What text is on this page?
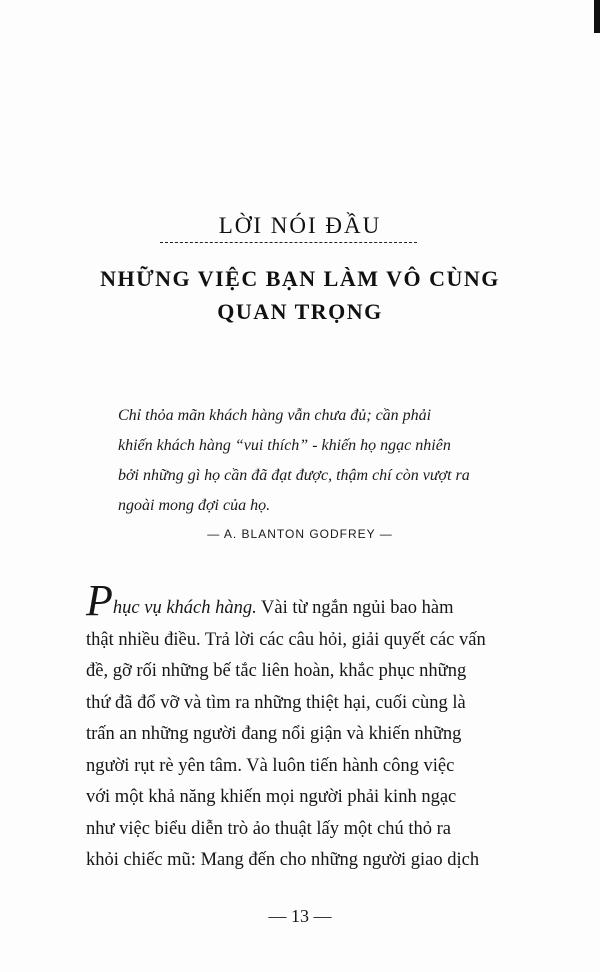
LỜI NÓI ĐẦU
NHỮNG VIỆC BẠN LÀM VÔ CÙNG
QUAN TRỌNG

Chỉ thỏa mãn khách hàng vẫn chưa đủ; cần phải
khiến khách hàng “vui thích” - khiến họ ngạc nhiên
bởi những gì họ cần đã đạt được, thậm chí còn vượt ra
ngoài mong đợi của họ.

— A. BLANTON GODFREY —

Phục vụ khách hàng. Vài từ ngắn ngủi bao hàm
thật nhiều điều. Trả lời các câu hỏi, giải quyết các vấn
đề, gỡ rối những bế tắc liên hoàn, khắc phục những
thứ đã đổ vỡ và tìm ra những thiệt hại, cuối cùng là
trấn an những người đang nổi giận và khiến những
người rụt rè yên tâm. Và luôn tiến hành công việc
với một khả năng khiến mọi người phải kinh ngạc
như việc biểu diễn trò ảo thuật lấy một chú thỏ ra
khỏi chiếc mũ: Mang đến cho những người giao dịch

— 13 —
